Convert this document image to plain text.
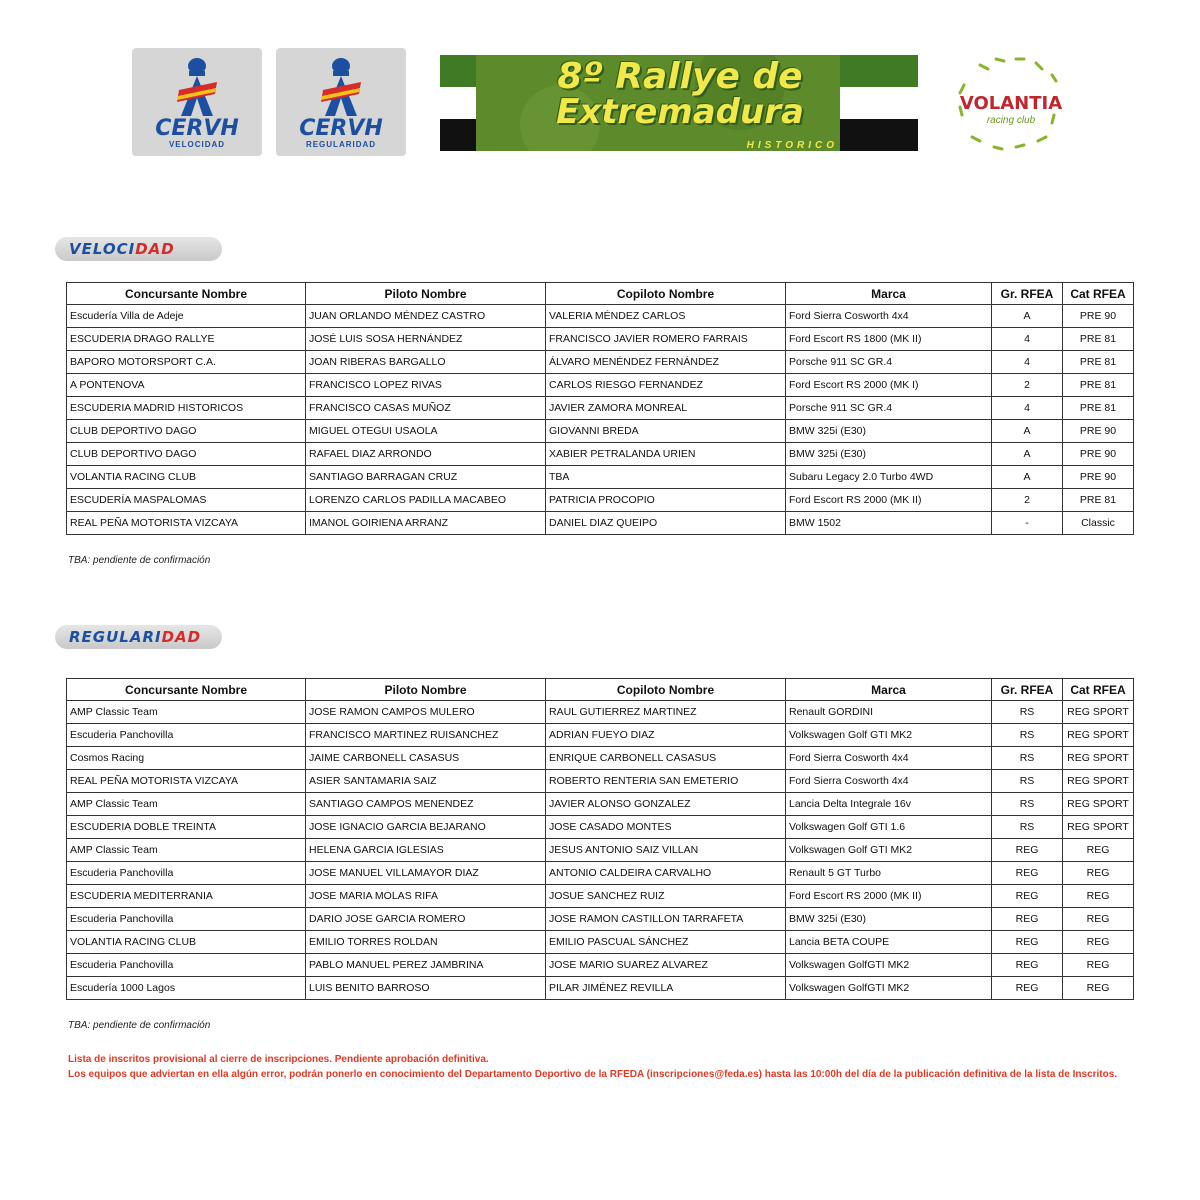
CERVH
VELOCIDAD
CERVH
REGULARIDAD
8º Rallye de
Extremadura
HISTORICO
VOLANTIA
racing club
VELOCIDAD
Concursante Nombre	Piloto Nombre	Copiloto Nombre	Marca	Gr. RFEA	Cat RFEA
Escudería Villa de Adeje	JUAN ORLANDO MÉNDEZ CASTRO	VALERIA MÉNDEZ CARLOS	Ford Sierra Cosworth 4x4	A	PRE 90
ESCUDERIA DRAGO RALLYE	JOSÉ LUIS SOSA HERNÁNDEZ	FRANCISCO JAVIER ROMERO FARRAIS	Ford Escort RS 1800 (MK II)	4	PRE 81
BAPORO MOTORSPORT C.A.	JOAN RIBERAS BARGALLO	ÁLVARO MENÉNDEZ FERNÁNDEZ	Porsche 911 SC GR.4	4	PRE 81
A PONTENOVA	FRANCISCO LOPEZ RIVAS	CARLOS RIESGO FERNANDEZ	Ford Escort RS 2000 (MK I)	2	PRE 81
ESCUDERIA MADRID HISTORICOS	FRANCISCO CASAS MUÑOZ	JAVIER ZAMORA MONREAL	Porsche 911 SC GR.4	4	PRE 81
CLUB DEPORTIVO DAGO	MIGUEL OTEGUI USAOLA	GIOVANNI BREDA	BMW 325i (E30)	A	PRE 90
CLUB DEPORTIVO DAGO	RAFAEL DIAZ ARRONDO	XABIER PETRALANDA URIEN	BMW 325i (E30)	A	PRE 90
VOLANTIA RACING CLUB	SANTIAGO BARRAGAN CRUZ	TBA	Subaru Legacy 2.0 Turbo 4WD	A	PRE 90
ESCUDERÍA MASPALOMAS	LORENZO CARLOS PADILLA MACABEO	PATRICIA PROCOPIO	Ford Escort RS 2000 (MK II)	2	PRE 81
REAL PEÑA MOTORISTA VIZCAYA	IMANOL GOIRIENA ARRANZ	DANIEL DIAZ QUEIPO	BMW 1502	-	Classic
TBA: pendiente de confirmación
REGULARIDAD
Concursante Nombre	Piloto Nombre	Copiloto Nombre	Marca	Gr. RFEA	Cat RFEA
AMP Classic Team	JOSE RAMON CAMPOS MULERO	RAUL GUTIERREZ MARTINEZ	Renault GORDINI	RS	REG SPORT
Escuderia Panchovilla	FRANCISCO MARTINEZ RUISANCHEZ	ADRIAN FUEYO DIAZ	Volkswagen Golf GTI MK2	RS	REG SPORT
Cosmos Racing	JAIME CARBONELL CASASUS	ENRIQUE CARBONELL CASASUS	Ford Sierra Cosworth 4x4	RS	REG SPORT
REAL PEÑA MOTORISTA VIZCAYA	ASIER SANTAMARIA SAIZ	ROBERTO RENTERIA SAN EMETERIO	Ford Sierra Cosworth 4x4	RS	REG SPORT
AMP Classic Team	SANTIAGO CAMPOS MENENDEZ	JAVIER ALONSO GONZALEZ	Lancia Delta Integrale 16v	RS	REG SPORT
ESCUDERIA DOBLE TREINTA	JOSE IGNACIO GARCIA BEJARANO	JOSE CASADO MONTES	Volkswagen Golf GTI 1.6	RS	REG SPORT
AMP Classic Team	HELENA GARCIA IGLESIAS	JESUS ANTONIO SAIZ VILLAN	Volkswagen Golf GTI MK2	REG	REG
Escuderia Panchovilla	JOSE MANUEL VILLAMAYOR DIAZ	ANTONIO CALDEIRA CARVALHO	Renault 5 GT Turbo	REG	REG
ESCUDERIA MEDITERRANIA	JOSE MARIA MOLAS RIFA	JOSUE SANCHEZ RUIZ	Ford Escort RS 2000 (MK II)	REG	REG
Escuderia Panchovilla	DARIO JOSE GARCIA ROMERO	JOSE RAMON CASTILLON TARRAFETA	BMW 325i (E30)	REG	REG
VOLANTIA RACING CLUB	EMILIO TORRES ROLDAN	EMILIO PASCUAL SÁNCHEZ	Lancia BETA COUPE	REG	REG
Escuderia Panchovilla	PABLO MANUEL PEREZ JAMBRINA	JOSE MARIO SUAREZ ALVAREZ	Volkswagen GolfGTI MK2	REG	REG
Escudería 1000 Lagos	LUIS BENITO BARROSO	PILAR JIMÉNEZ REVILLA	Volkswagen GolfGTI MK2	REG	REG
TBA: pendiente de confirmación
Lista de inscritos provisional al cierre de inscripciones. Pendiente aprobación definitiva.
Los equipos que adviertan en ella algún error, podrán ponerlo en conocimiento del Departamento Deportivo de la RFEDA (inscripciones@feda.es) hasta las 10:00h del día de la publicación definitiva de la lista de Inscritos.
